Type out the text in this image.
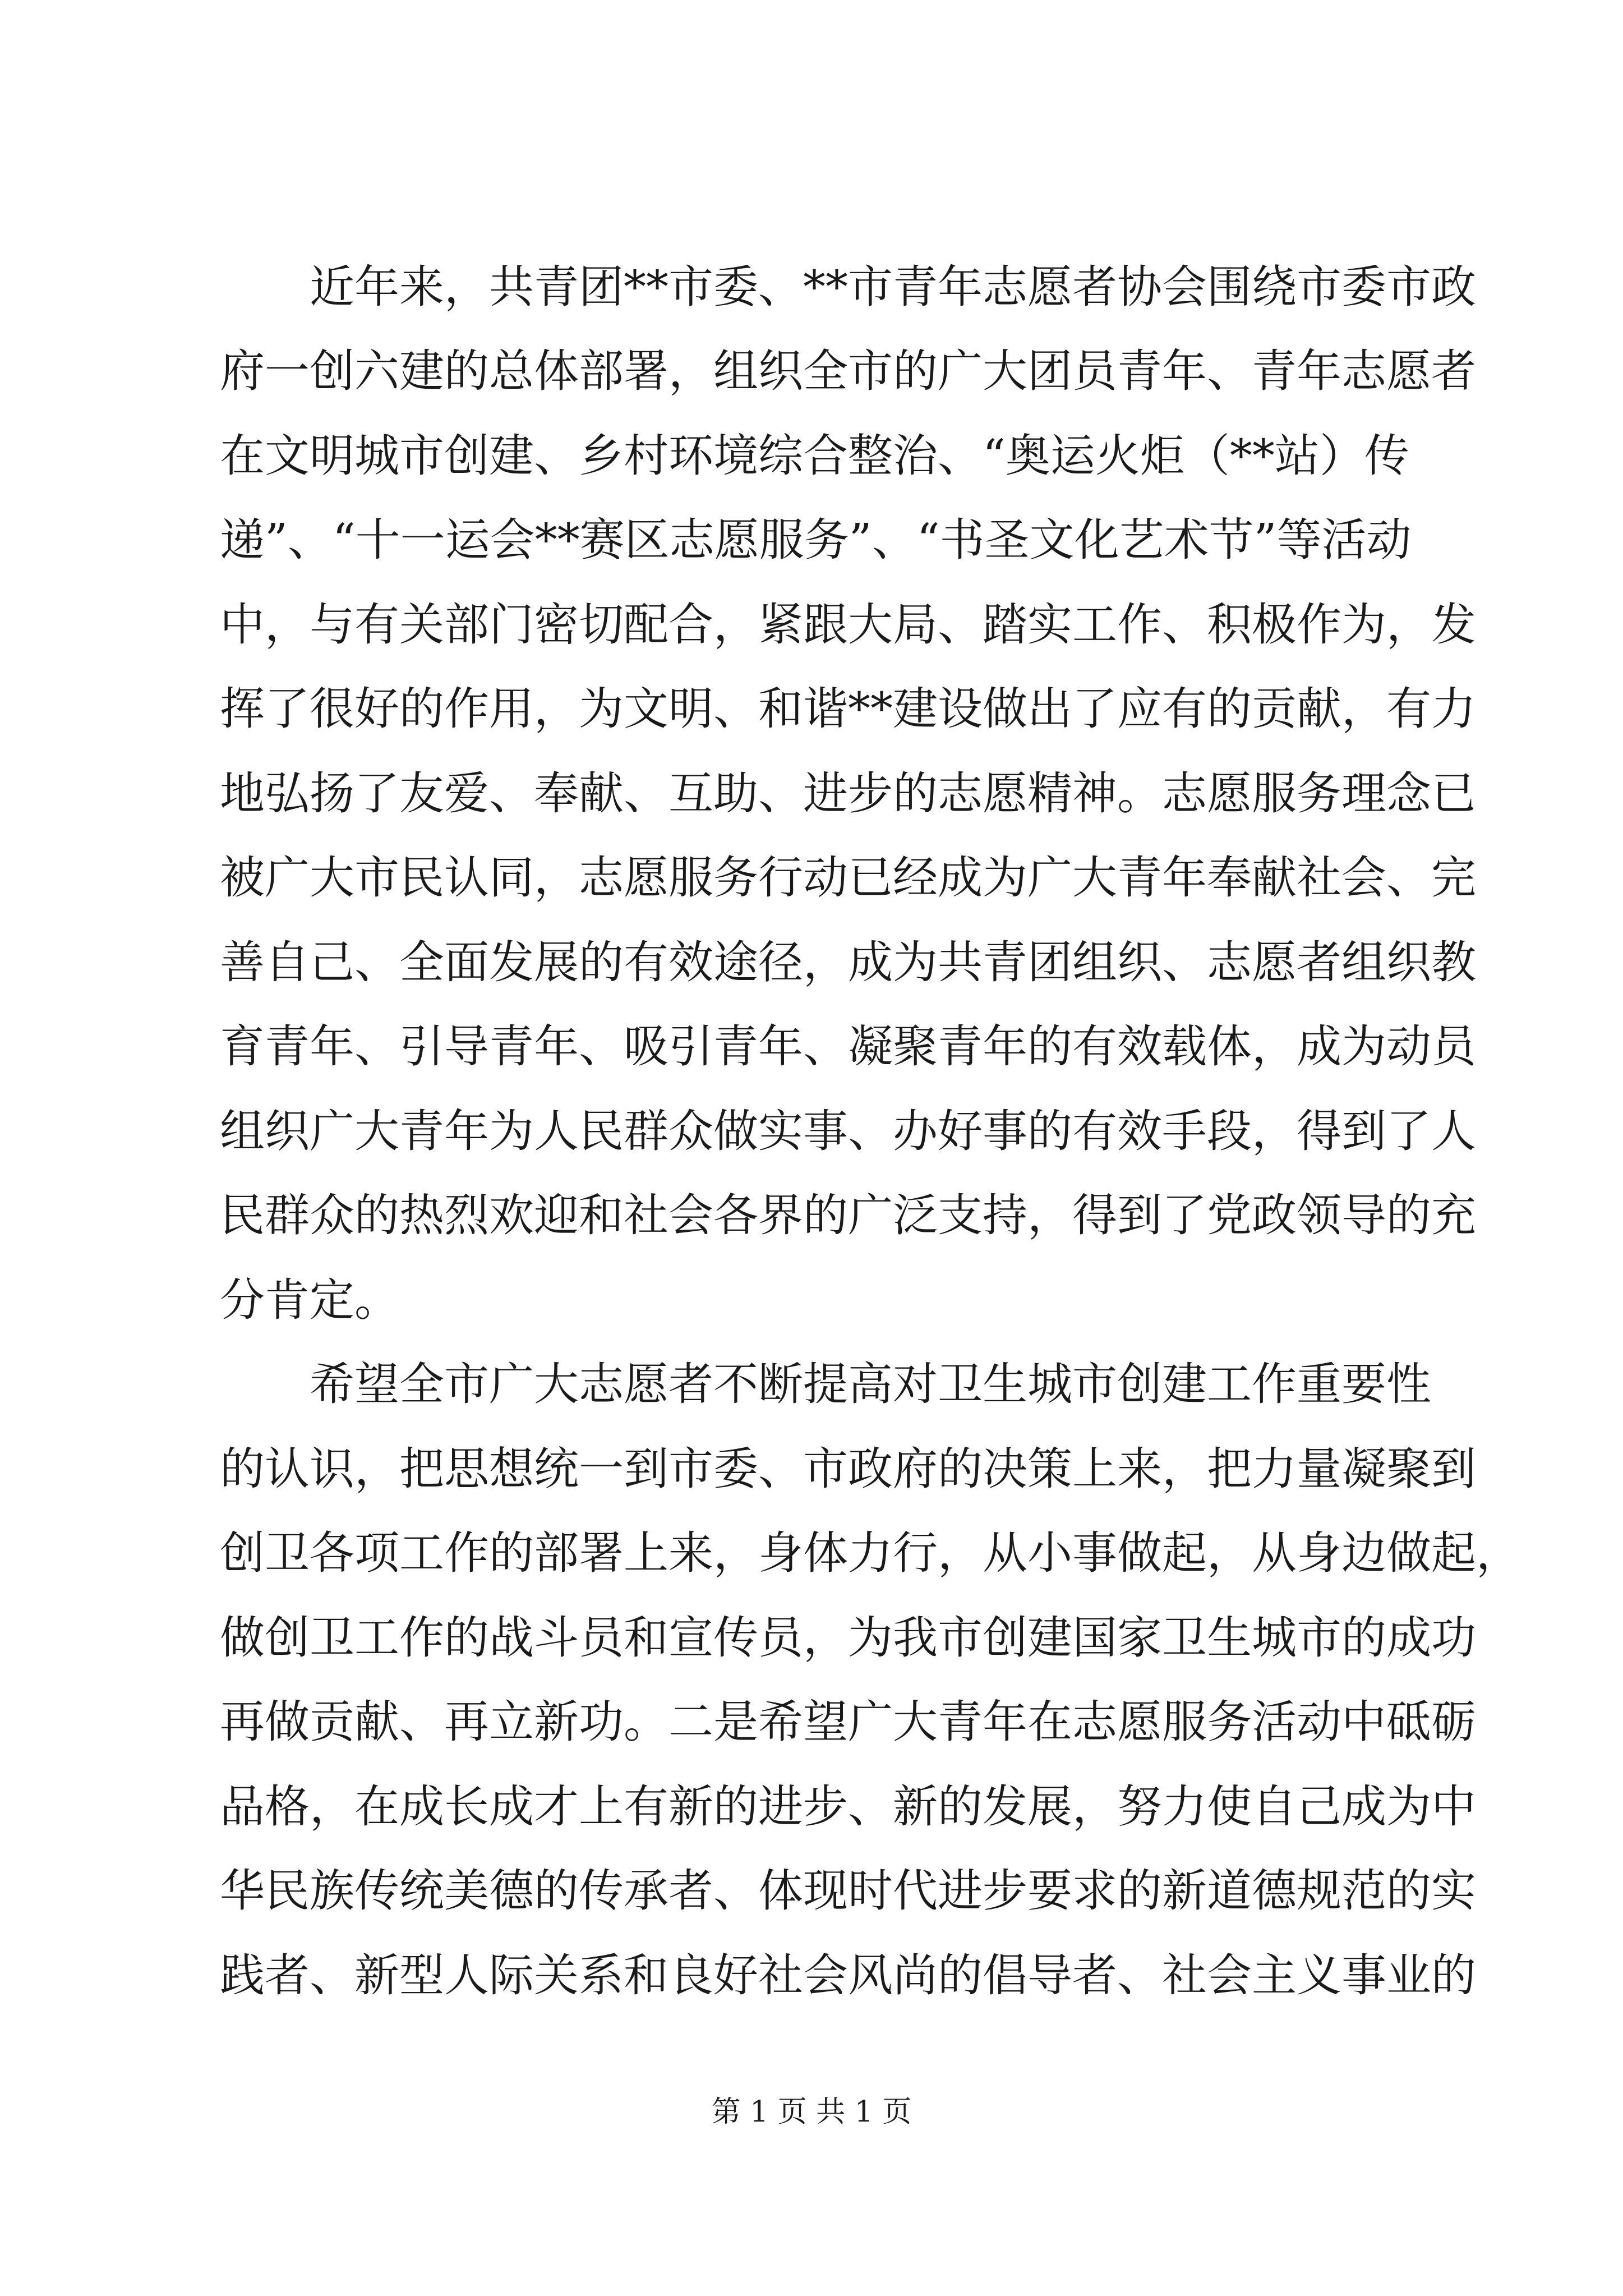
近年来，共青团**市委、**市青年志愿者协会围绕市委市政

府一创六建的总体部署，组织全市的广大团员青年、青年志愿者

在文明城市创建、乡村环境综合整治、“奥运火炬（**站）传

递”、“十一运会**赛区志愿服务”、“书圣文化艺术节”等活动

中，与有关部门密切配合，紧跟大局、踏实工作、积极作为，发

挥了很好的作用，为文明、和谐**建设做出了应有的贡献，有力

地弘扬了友爱、奉献、互助、进步的志愿精神。志愿服务理念已

被广大市民认同，志愿服务行动已经成为广大青年奉献社会、完

善自己、全面发展的有效途径，成为共青团组织、志愿者组织教

育青年、引导青年、吸引青年、凝聚青年的有效载体，成为动员

组织广大青年为人民群众做实事、办好事的有效手段，得到了人

民群众的热烈欢迎和社会各界的广泛支持，得到了党政领导的充

分肯定。

希望全市广大志愿者不断提高对卫生城市创建工作重要性

的认识，把思想统一到市委、市政府的决策上来，把力量凝聚到

创卫各项工作的部署上来，身体力行，从小事做起，从身边做起，

做创卫工作的战斗员和宣传员，为我市创建国家卫生城市的成功

再做贡献、再立新功。二是希望广大青年在志愿服务活动中砥砺

品格，在成长成才上有新的进步、新的发展，努力使自己成为中

华民族传统美德的传承者、体现时代进步要求的新道德规范的实

践者、新型人际关系和良好社会风尚的倡导者、社会主义事业的

第 1 页 共 1 页
